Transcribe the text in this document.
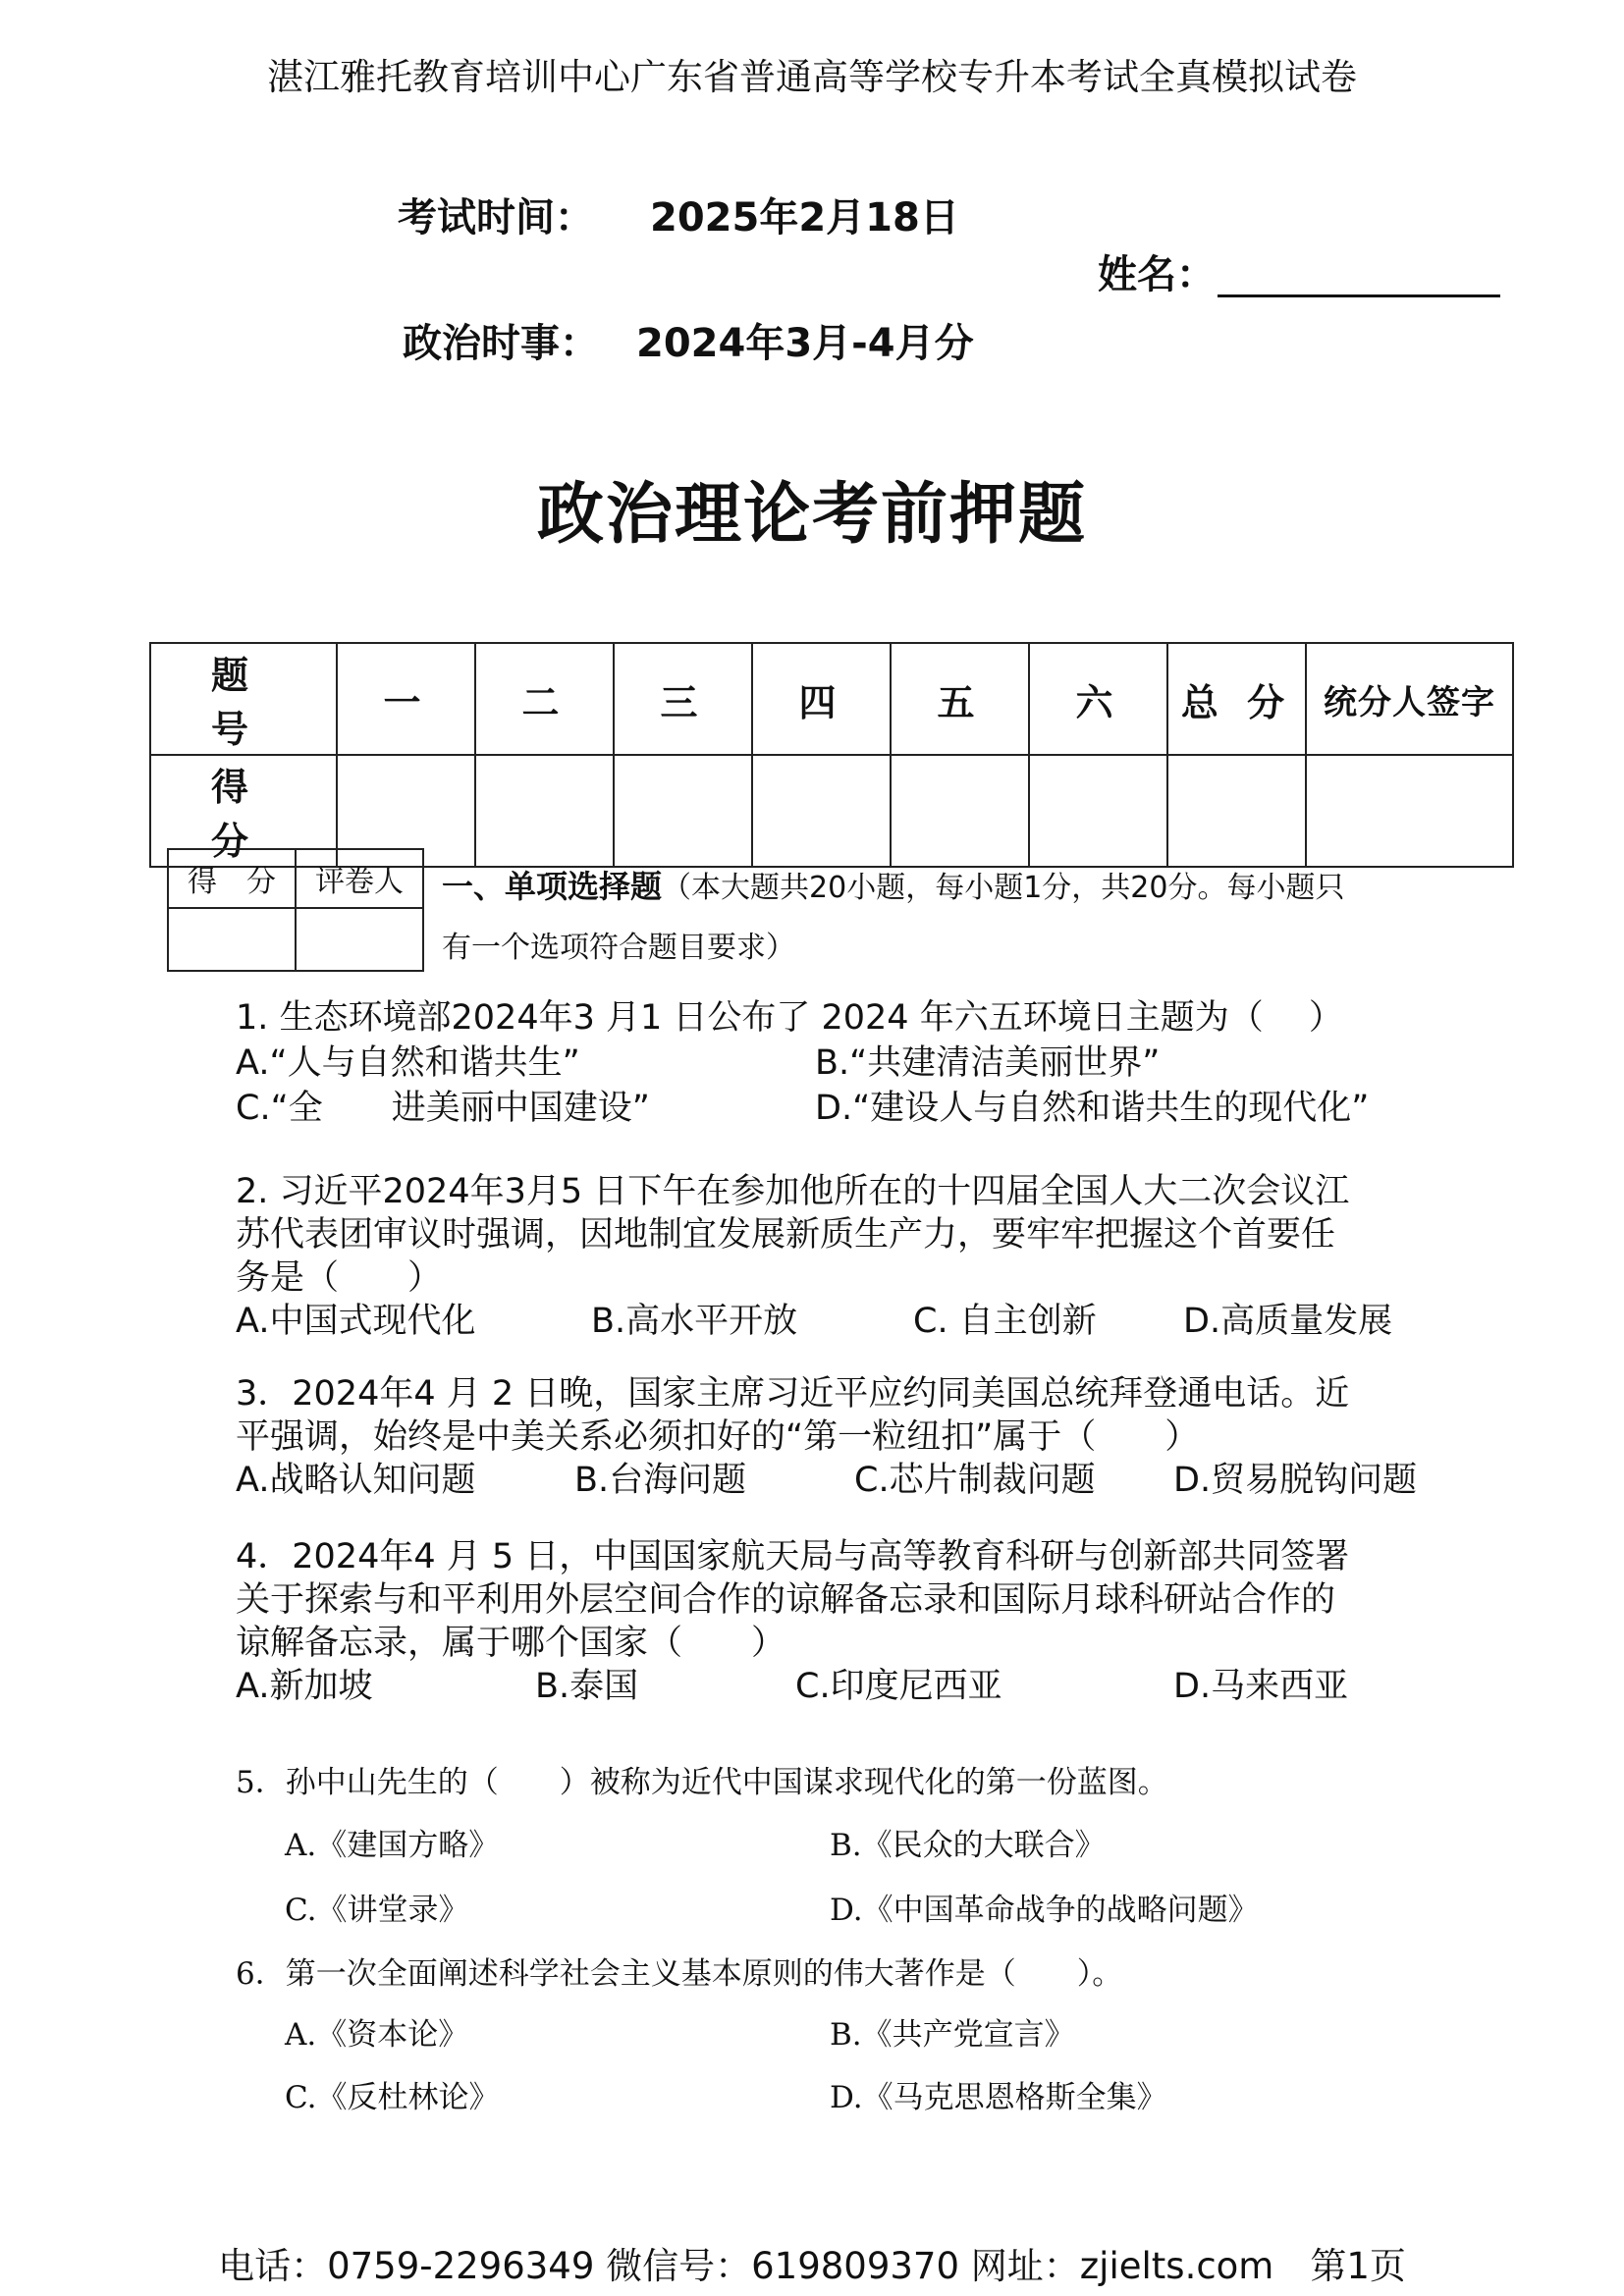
湛江雅托教育培训中心广东省普通高等学校专升本考试全真模拟试卷
考试时间： 2025年2月18日
姓名：
政治时事： 2024年3月-4月分
政治理论考前押题
题　号	一	二	三	四	五	六	总 分	统分人签字
得　分								
得　分	评卷人
	一、单项选择题（本大题共20小题，每小题1分，共20分。每小题只
有一个选项符合题目要求）
1. 生态环境部2024年3 月1 日公布了 2024 年六五环境日主题为（　 ）
A.“人与自然和谐共生”	B.“共建清洁美丽世界”
C.“全　　进美丽中国建设”	D.“建设人与自然和谐共生的现代化”
2. 习近平2024年3月5 日下午在参加他所在的十四届全国人大二次会议江
苏代表团审议时强调，因地制宜发展新质生产力，要牢牢把握这个首要任
务是（　　）
A.中国式现代化	B.高水平开放	C. 自主创新	D.高质量发展
3．2024年4 月 2 日晚，国家主席习近平应约同美国总统拜登通电话。近
平强调，始终是中美关系必须扣好的“第一粒纽扣”属于（　　）
A.战略认知问题	B.台海问题	C.芯片制裁问题 D.贸易脱钩问题
4．2024年4 月 5 日，中国国家航天局与高等教育科研与创新部共同签署
关于探索与和平利用外层空间合作的谅解备忘录和国际月球科研站合作的
谅解备忘录，属于哪个国家（　　）
A.新加坡	B.泰国	C.印度尼西亚	D.马来西亚
5．孙中山先生的（　　）被称为近代中国谋求现代化的第一份蓝图。
A.《建国方略》	B.《民众的大联合》
C.《讲堂录》	D.《中国革命战争的战略问题》
6．第一次全面阐述科学社会主义基本原则的伟大著作是（　　）。
A.《资本论》	B.《共产党宣言》
C.《反杜林论》	D.《马克思恩格斯全集》
电话：0759-2296349 微信号：619809370 网址：zjielts.com　第1页
